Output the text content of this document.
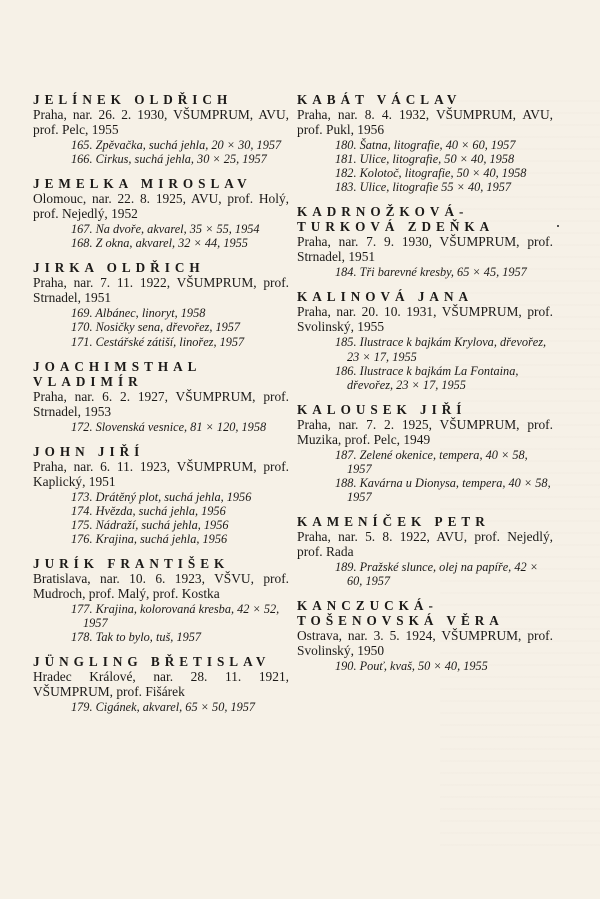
JELÍNEK OLDŘICH
Praha, nar. 26. 2. 1930, VŠUMPRUM, AVU, prof. Pelc, 1955
165. Zpěvačka, suchá jehla, 20 × 30, 1957
166. Cirkus, suchá jehla, 30 × 25, 1957
JEMELKA MIROSLAV
Olomouc, nar. 22. 8. 1925, AVU, prof. Holý, prof. Nejedlý, 1952
167. Na dvoře, akvarel, 35 × 55, 1954
168. Z okna, akvarel, 32 × 44, 1955
JIRKA OLDŘICH
Praha, nar. 7. 11. 1922, VŠUMPRUM, prof. Strnadel, 1951
169. Albánec, linoryt, 1958
170. Nosičky sena, dřevořez, 1957
171. Cestářské zátiší, linořez, 1957
JOACHIMSTHAL VLADIMÍR
Praha, nar. 6. 2. 1927, VŠUMPRUM, prof. Strnadel, 1953
172. Slovenská vesnice, 81 × 120, 1958
JOHN JIŘÍ
Praha, nar. 6. 11. 1923, VŠUMPRUM, prof. Kaplický, 1951
173. Drátěný plot, suchá jehla, 1956
174. Hvězda, suchá jehla, 1956
175. Nádraží, suchá jehla, 1956
176. Krajina, suchá jehla, 1956
JURÍK FRANTIŠEK
Bratislava, nar. 10. 6. 1923, VŠVU, prof. Mudroch, prof. Malý, prof. Kostka
177. Krajina, kolorovaná kresba, 42 × 52, 1957
178. Tak to bylo, tuš, 1957
JÜNGLING BŘETISLAV
Hradec Králové, nar. 28. 11. 1921, VŠUMPRUM, prof. Fišárek
179. Cigánek, akvarel, 65 × 50, 1957
KABÁT VÁCLAV
Praha, nar. 8. 4. 1932, VŠUMPRUM, AVU, prof. Pukl, 1956
180. Šatna, litografie, 40 × 60, 1957
181. Ulice, litografie, 50 × 40, 1958
182. Kolotoč, litografie, 50 × 40, 1958
183. Ulice, litografie 55 × 40, 1957
KADRNOŽKOVÁ-TURKOVÁ ZDEŇKA
Praha, nar. 7. 9. 1930, VŠUMPRUM, prof. Strnadel, 1951
184. Tři barevné kresby, 65 × 45, 1957
KALINOVÁ JANA
Praha, nar. 20. 10. 1931, VŠUMPRUM, prof. Svolinský, 1955
185. Ilustrace k bajkám Krylova, dřevořez, 23 × 17, 1955
186. Ilustrace k bajkám La Fontaina, dřevořez, 23 × 17, 1955
KALOUSEK JIŘÍ
Praha, nar. 7. 2. 1925, VŠUMPRUM, prof. Muzika, prof. Pelc, 1949
187. Zelené okenice, tempera, 40 × 58, 1957
188. Kavárna u Dionysa, tempera, 40 × 58, 1957
KAMENÍČEK PETR
Praha, nar. 5. 8. 1922, AVU, prof. Nejedlý, prof. Rada
189. Pražské slunce, olej na papíře, 42 × 60, 1957
KANCZUCKÁ-TOŠENOVSKÁ VĚRA
Ostrava, nar. 3. 5. 1924, VŠUMPRUM, prof. Svolinský, 1950
190. Pouť, kvaš, 50 × 40, 1955
